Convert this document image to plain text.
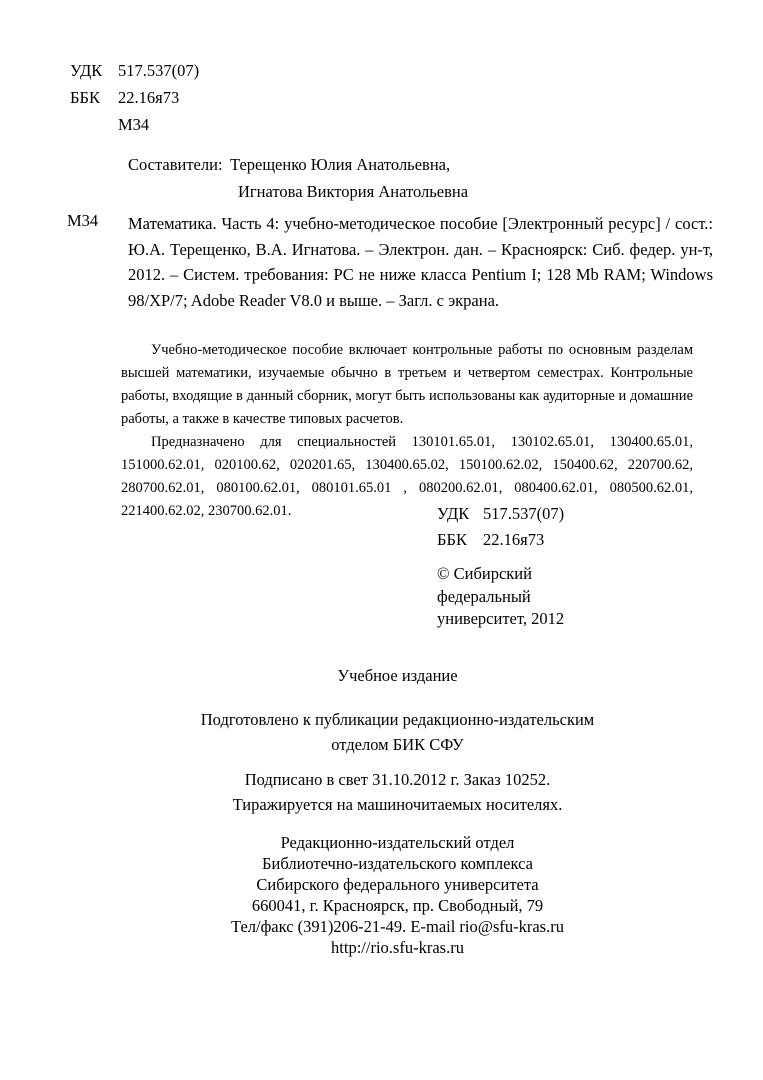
УДК 517.537(07)
ББК 22.16я73
М34
Составители: Терещенко Юлия Анатольевна,
Игнатова Виктория Анатольевна
М34 Математика. Часть 4: учебно-методическое пособие [Электронный ресурс] / сост.: Ю.А. Терещенко, В.А. Игнатова. – Электрон. дан. – Красноярск: Сиб. федер. ун-т, 2012. – Систем. требования: PC не ниже класса Pentium I; 128 Mb RAM; Windows 98/XP/7; Adobe Reader V8.0 и выше. – Загл. с экрана.

Учебно-методическое пособие включает контрольные работы по основным разделам высшей математики, изучаемые обычно в третьем и четвертом семестрах. Контрольные работы, входящие в данный сборник, могут быть использованы как аудиторные и домашние работы, а также в качестве типовых расчетов.

Предназначено для специальностей 130101.65.01, 130102.65.01, 130400.65.01, 151000.62.01, 020100.62, 020201.65, 130400.65.02, 150100.62.02, 150400.62, 220700.62, 280700.62.01, 080100.62.01, 080101.65.01 , 080200.62.01, 080400.62.01, 080500.62.01, 221400.62.02, 230700.62.01.	УДК 517.537(07)
ББК 22.16я73
© Сибирский
федеральный
университет, 2012
Учебное издание
Подготовлено к публикации редакционно-издательским
отделом БИК СФУ
Подписано в свет 31.10.2012 г. Заказ 10252.
Тиражируется на машиночитаемых носителях.
Редакционно-издательский отдел
Библиотечно-издательского комплекса
Сибирского федерального университета
660041, г. Красноярск, пр. Свободный, 79
Тел/факс (391)206-21-49. E-mail rio@sfu-kras.ru
http://rio.sfu-kras.ru
